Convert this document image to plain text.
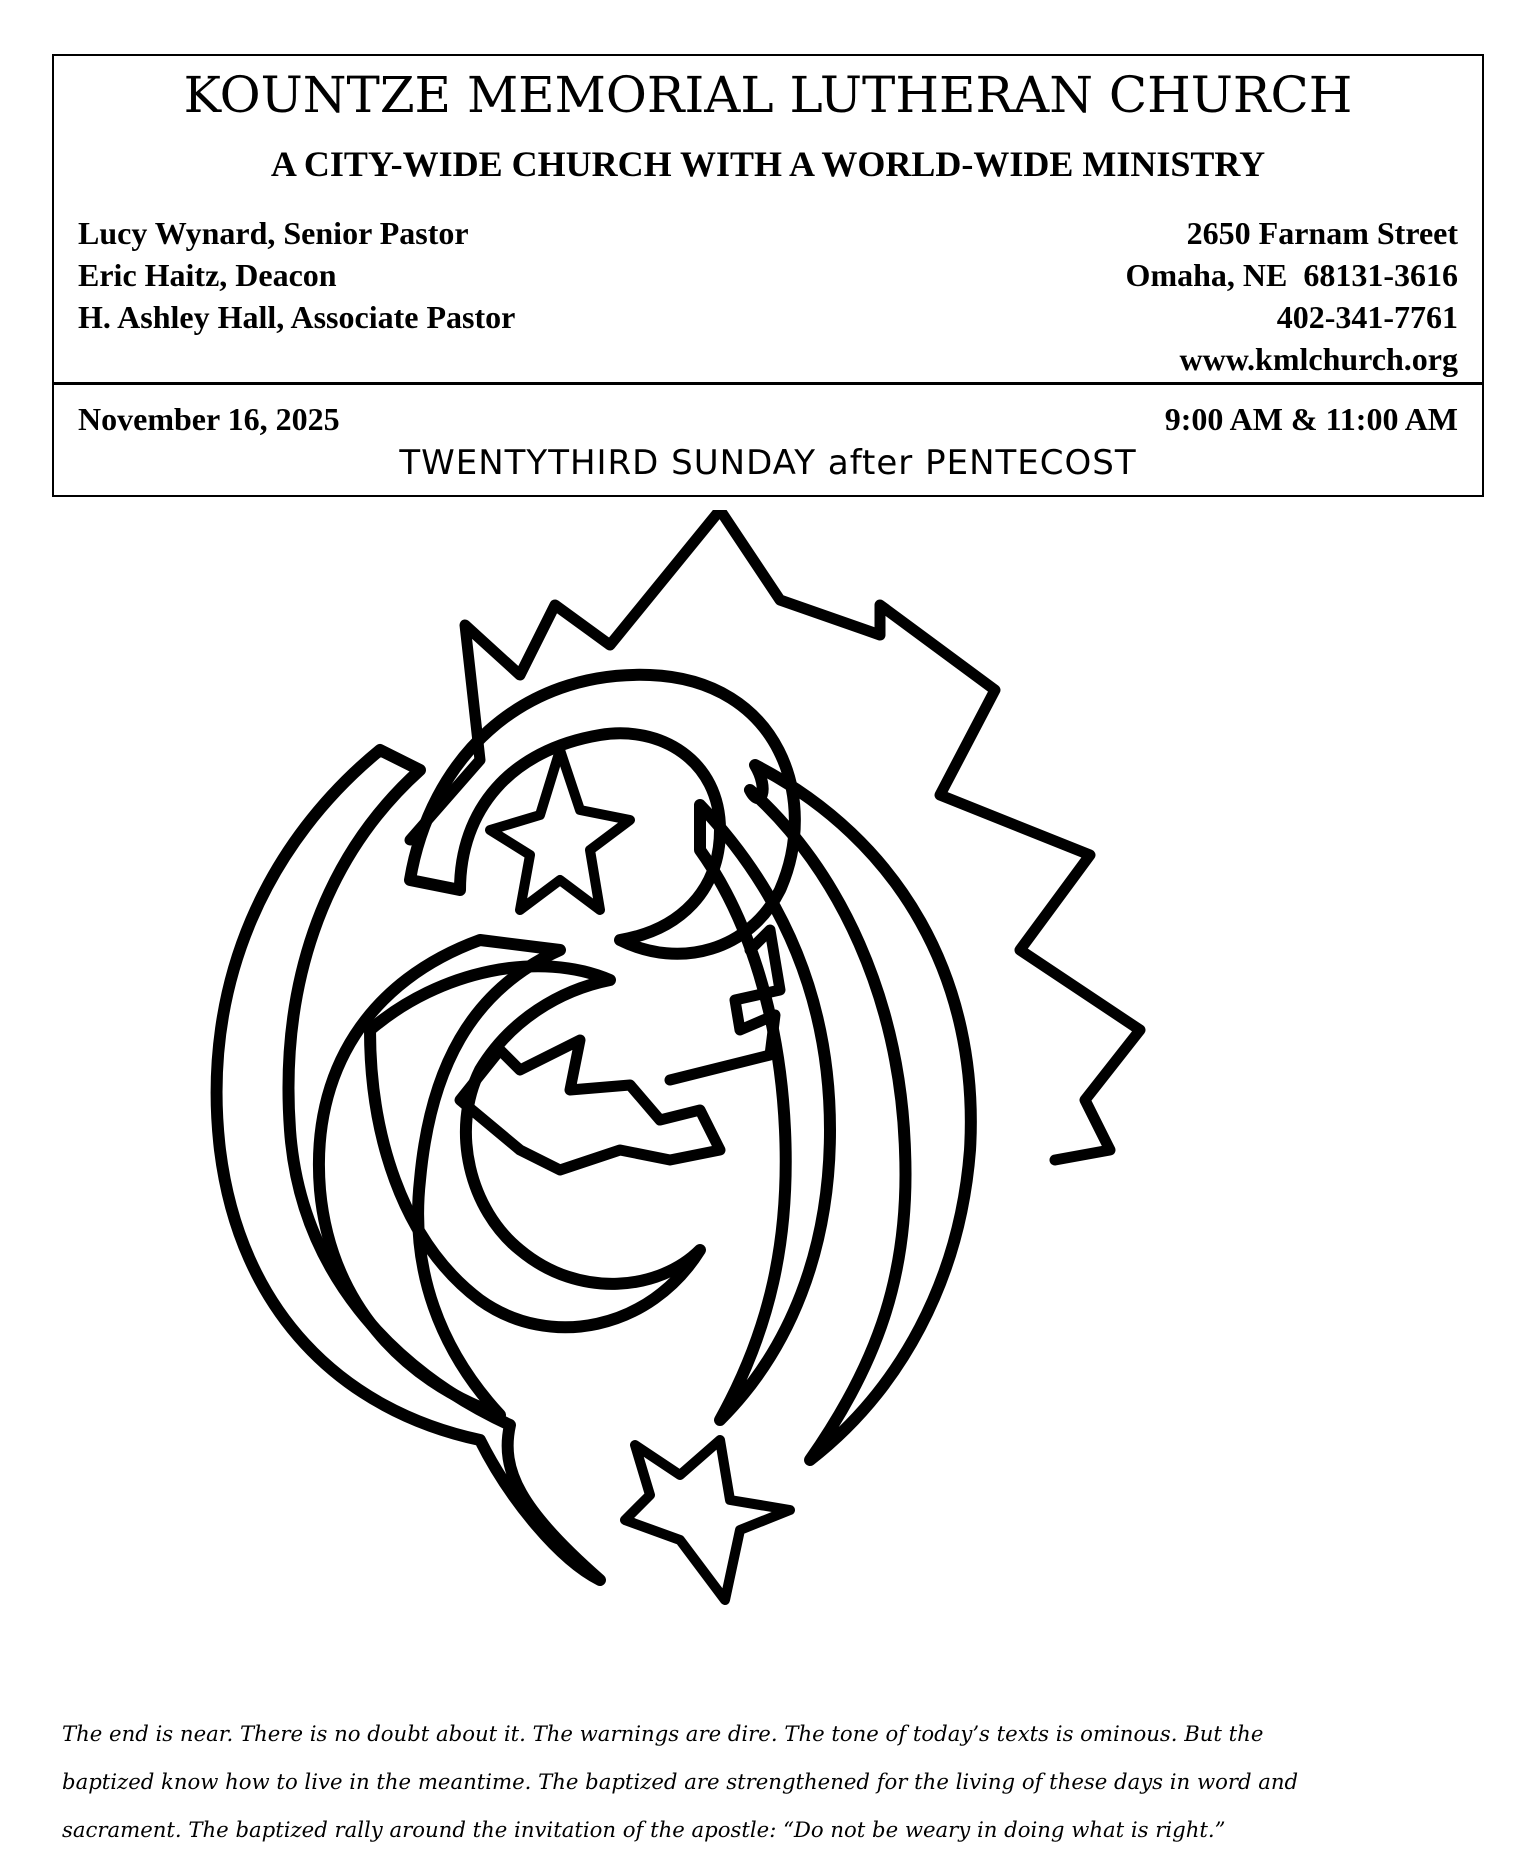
KOUNTZE MEMORIAL LUTHERAN CHURCH
A CITY-WIDE CHURCH WITH A WORLD-WIDE MINISTRY
Lucy Wynard, Senior Pastor
Eric Haitz, Deacon
H. Ashley Hall, Associate Pastor
2650 Farnam Street
Omaha, NE  68131-3616
402-341-7761
www.kmlchurch.org
November 16, 2025	9:00 AM & 11:00 AM
TWENTYTHIRD SUNDAY after PENTECOST
The end is near. There is no doubt about it. The warnings are dire. The tone of today’s texts is ominous. But the
baptized know how to live in the meantime. The baptized are strengthened for the living of these days in word and
sacrament. The baptized rally around the invitation of the apostle: “Do not be weary in doing what is right.”
